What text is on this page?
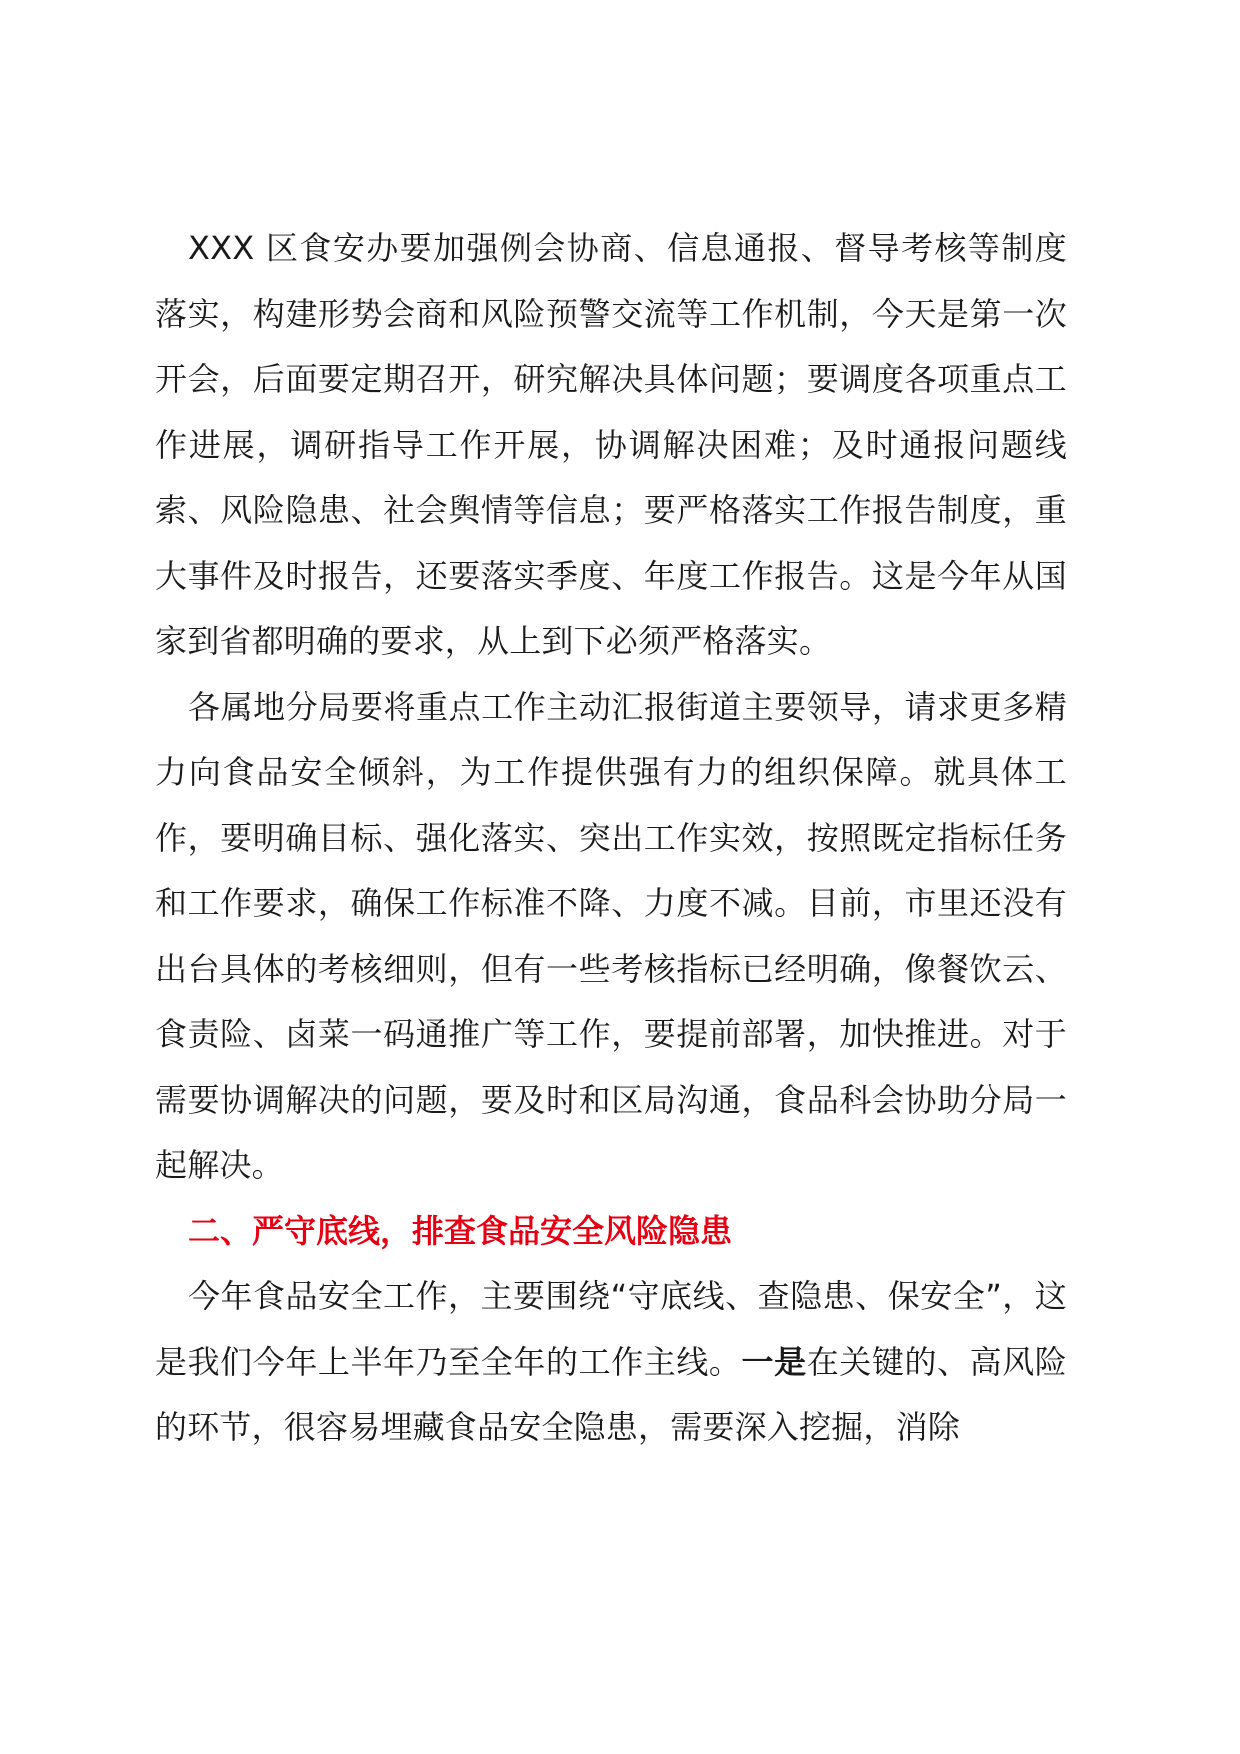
XXX 区食安办要加强例会协商、信息通报、督导考核等制度落实，构建形势会商和风险预警交流等工作机制，今天是第一次开会，后面要定期召开，研究解决具体问题；要调度各项重点工作进展，调研指导工作开展，协调解决困难；及时通报问题线索、风险隐患、社会舆情等信息；要严格落实工作报告制度，重大事件及时报告，还要落实季度、年度工作报告。这是今年从国家到省都明确的要求，从上到下必须严格落实。

各属地分局要将重点工作主动汇报街道主要领导，请求更多精力向食品安全倾斜，为工作提供强有力的组织保障。就具体工作，要明确目标、强化落实、突出工作实效，按照既定指标任务和工作要求，确保工作标准不降、力度不减。目前，市里还没有出台具体的考核细则，但有一些考核指标已经明确，像餐饮云、食责险、卤菜一码通推广等工作，要提前部署，加快推进。对于需要协调解决的问题，要及时和区局沟通，食品科会协助分局一起解决。

二、严守底线，排查食品安全风险隐患

今年食品安全工作，主要围绕“守底线、查隐患、保安全”，这是我们今年上半年乃至全年的工作主线。一是在关键的、高风险的环节，很容易埋藏食品安全隐患，需要深入挖掘，消除
